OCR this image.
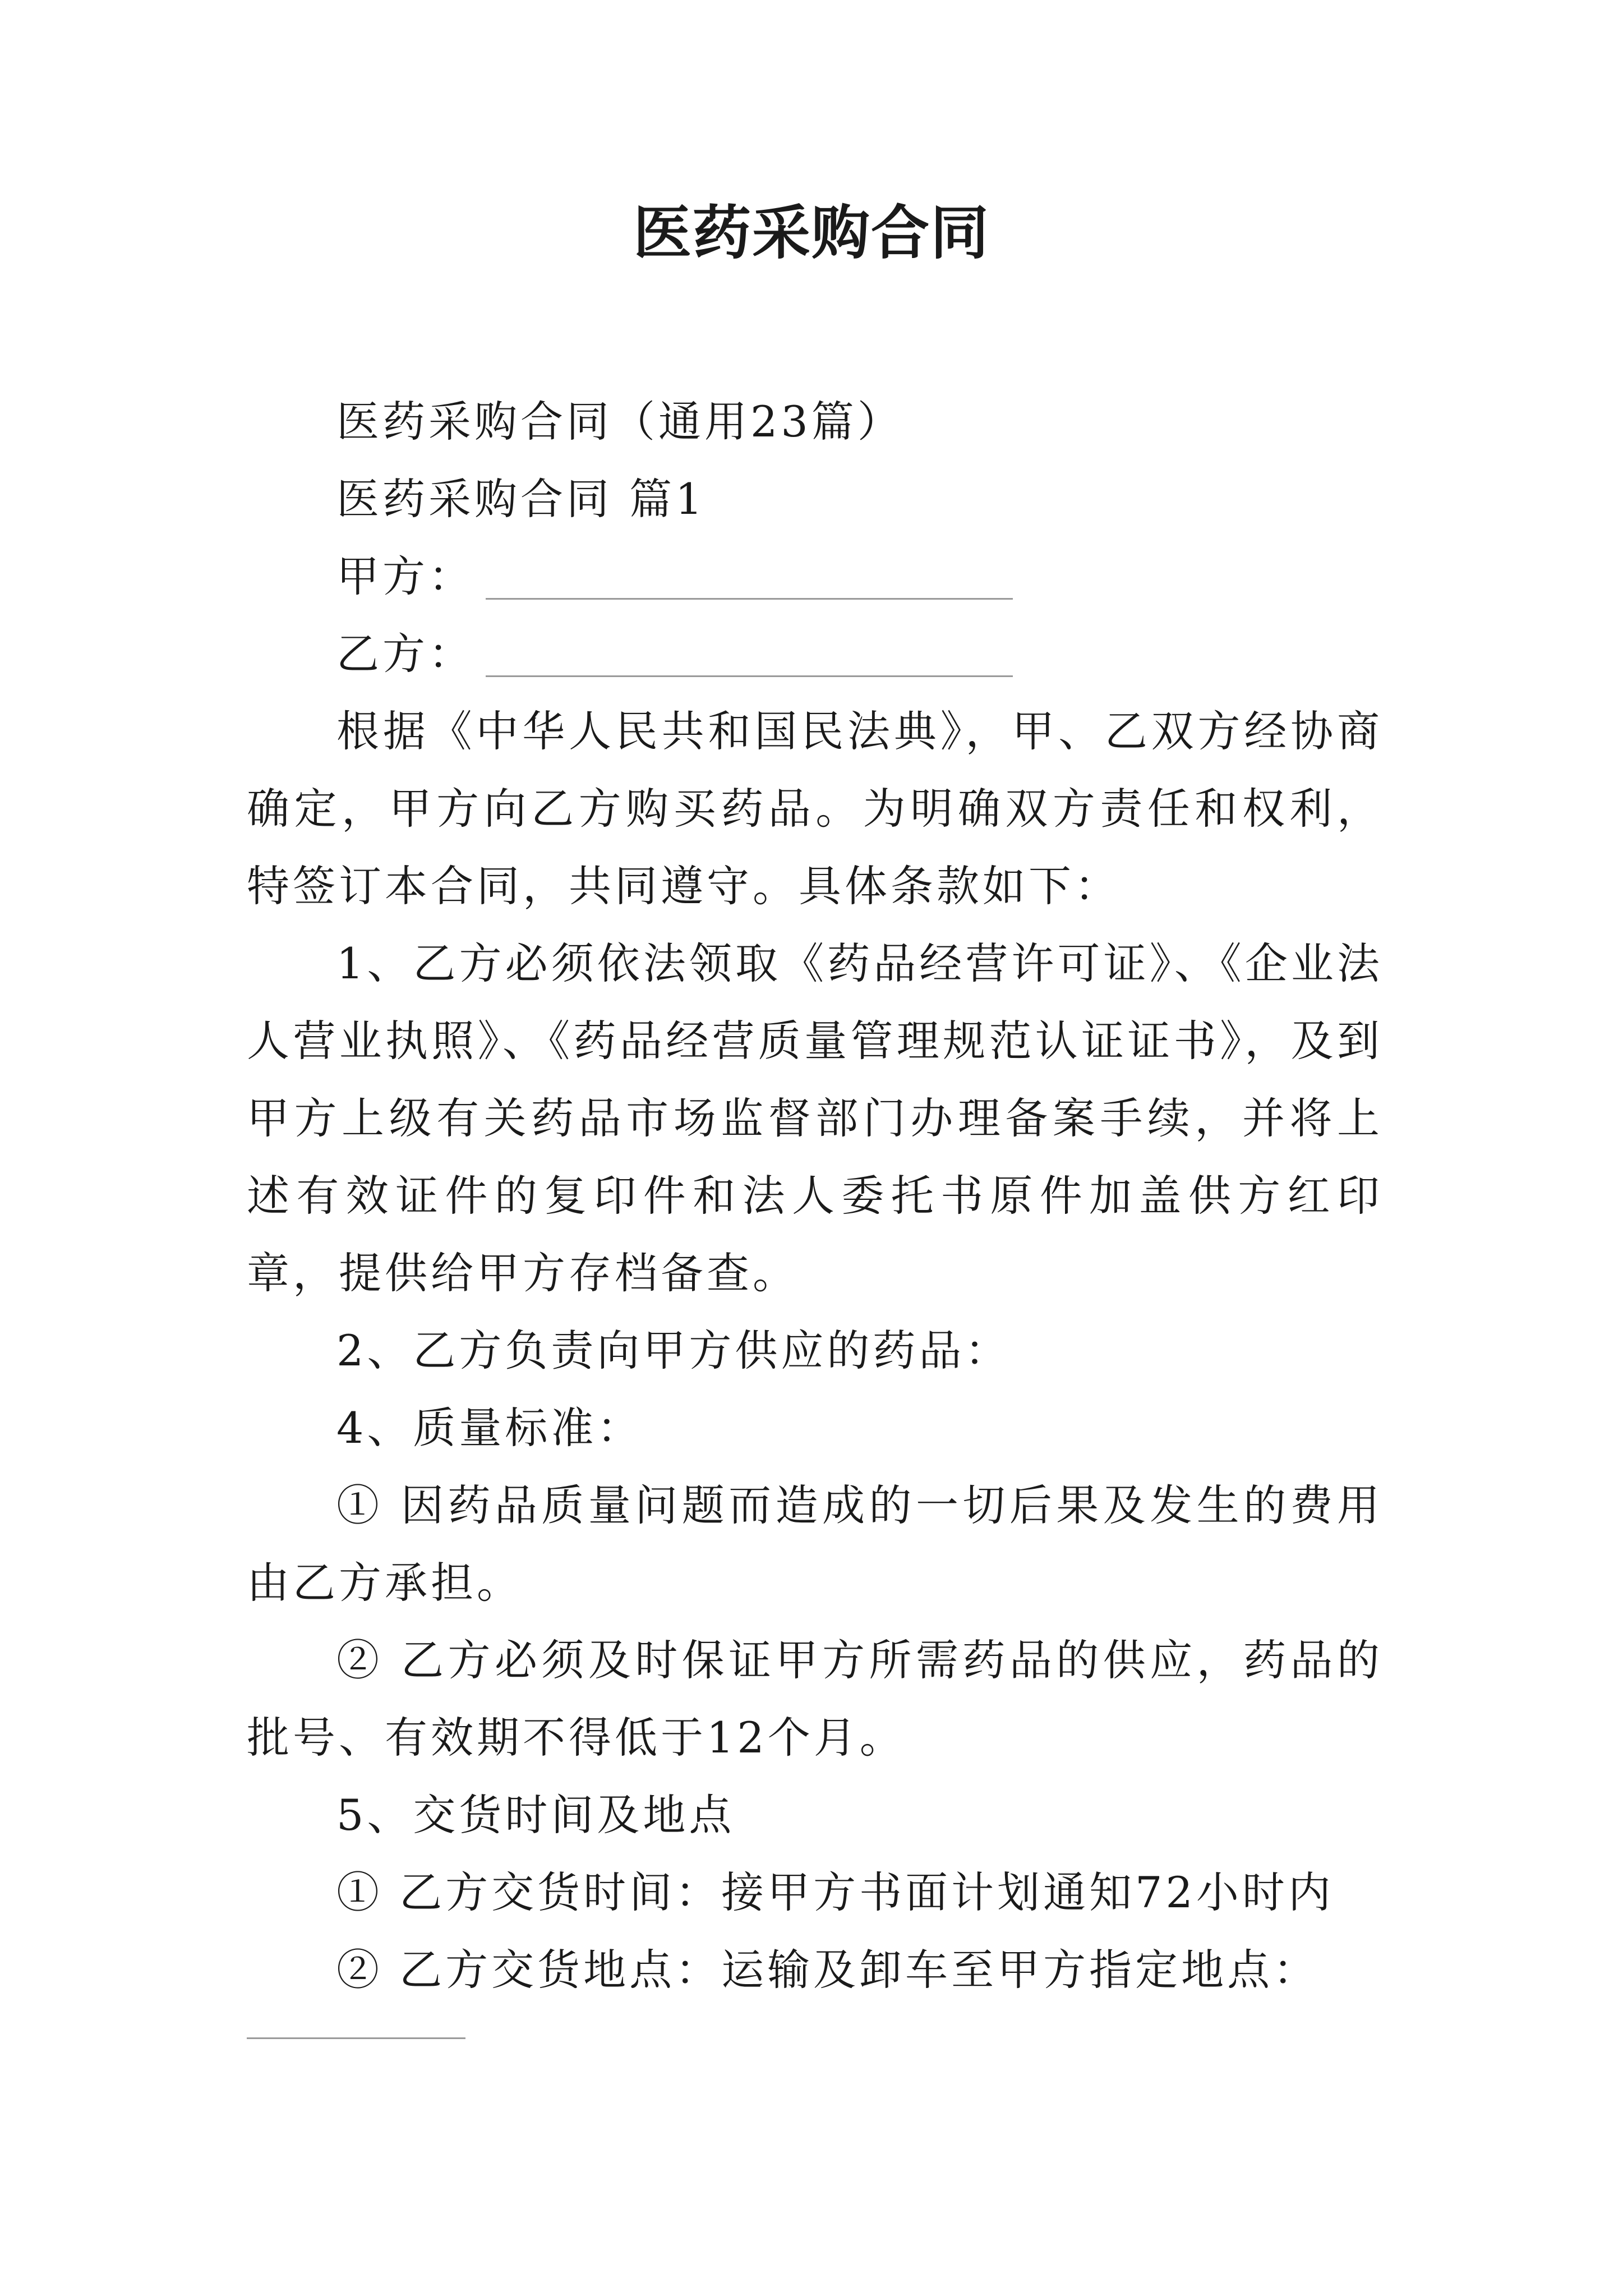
医药采购合同

医药采购合同（通用23篇）

医药采购合同 篇1

甲方：

乙方：

根据《中华人民共和国民法典》，甲、乙双方经协商确定，甲方向乙方购买药品。为明确双方责任和权利，特签订本合同，共同遵守。具体条款如下：

1、乙方必须依法领取《药品经营许可证》、《企业法人营业执照》、《药品经营质量管理规范认证证书》，及到甲方上级有关药品市场监督部门办理备案手续，并将上述有效证件的复印件和法人委托书原件加盖供方红印章，提供给甲方存档备查。

2、乙方负责向甲方供应的药品：

4、质量标准：

① 因药品质量问题而造成的一切后果及发生的费用由乙方承担。

② 乙方必须及时保证甲方所需药品的供应，药品的批号、有效期不得低于12个月。

5、交货时间及地点

① 乙方交货时间：接甲方书面计划通知72小时内

② 乙方交货地点：运输及卸车至甲方指定地点：
